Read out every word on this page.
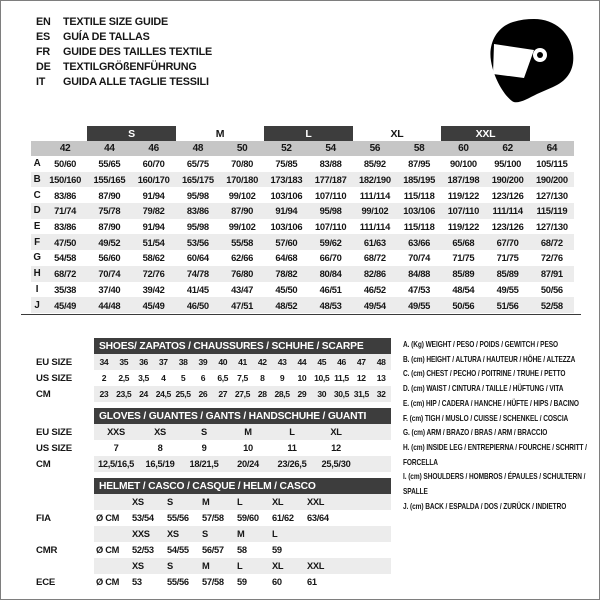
EN	TEXTILE SIZE GUIDE
ES	GUÍA DE TALLAS
FR	GUIDE DES TAILLES TEXTILE
DE	TEXTILGRÖßENFÜHRUNG
IT	GUIDA ALLE TAGLIE TESSILI
S	M	L	XL	XXL
42	44	46	48	50	52	54	56	58	60	62	64
A	50/60	55/65	60/70	65/75	70/80	75/85	83/88	85/92	87/95	90/100	95/100	105/115
B 150/160	155/165	160/170	165/175	170/180	173/183	177/187	182/190	185/195	187/198	190/200	190/200
C	83/86	87/90	91/94	95/98	99/102	103/106	107/110	111/114	115/118	119/122	123/126	127/130
D	71/74	75/78	79/82	83/86	87/90	91/94	95/98	99/102	103/106	107/110	111/114	115/119
E	83/86	87/90	91/94	95/98	99/102	103/106	107/110	111/114	115/118	119/122	123/126	127/130
F	47/50	49/52	51/54	53/56	55/58	57/60	59/62	61/63	63/66	65/68	67/70	68/72
G	54/58	56/60	58/62	60/64	62/66	64/68	66/70	68/72	70/74	71/75	71/75	72/76
H	68/72	70/74	72/76	74/78	76/80	78/82	80/84	82/86	84/88	85/89	85/89	87/91
I	35/38	37/40	39/42	41/45	43/47	45/50	46/51	46/52	47/53	48/54	49/55	50/56
J	45/49	44/48	45/49	46/50	47/51	48/52	48/53	49/54	49/55	50/56	51/56	52/58
SHOES/ ZAPATOS / CHAUSSURES / SCHUHE / SCARPE
EU SIZE	34	35	36	37	38	39	40	41	42	43	44	45	46	47	48
US SIZE	2	2,5	3,5	4	5	6	6,5	7,5	8	9	10 10,5 11,5 12	13
CM	23 23,5 24 24,5 25,5 26	27 27,5 28 28,5 29	30 30,5 31,5 32
GLOVES / GUANTES / GANTS / HANDSCHUHE / GUANTI
EU SIZE	XXS	XS	S	M	L	XL
US SIZE	7	8	9	10	11	12
CM	12,5/16,5	16,5/19	18/21,5	20/24	23/26,5	25,5/30
HELMET / CASCO / CASQUE / HELM / CASCO
XS	S	M	L	XL	XXL
FIA	Ø CM	53/54	55/56	57/58	59/60	61/62	63/64
XXS	XS	S	M	L
CMR	Ø CM	52/53	54/55	56/57	58	59
XS	S	M	L	XL	XXL
ECE	Ø CM	53	55/56	57/58	59	60	61
A. (Kg) WEIGHT / PESO / POIDS / GEWITCH / PESO
B. (cm) HEIGHT / ALTURA / HAUTEUR / HÖHE / ALTEZZA
C. (cm) CHEST / PECHO / POITRINE / TRUHE / PETTO
D. (cm) WAIST / CINTURA / TAILLE / HÜFTUNG / VITA
E. (cm) HIP / CADERA / HANCHE / HÜFTE / HIPS / BACINO
F. (cm) TIGH / MUSLO / CUISSE / SCHENKEL / COSCIA
G. (cm) ARM / BRAZO / BRAS / ARM / BRACCIO
H. (cm) INSIDE LEG / ENTREPIERNA / FOURCHE / SCHRITT / FORCELLA
I. (cm) SHOULDERS / HOMBROS / ÉPAULES / SCHULTERN / SPALLE
J. (cm) BACK / ESPALDA / DOS / ZURÜCK / INDIETRO
